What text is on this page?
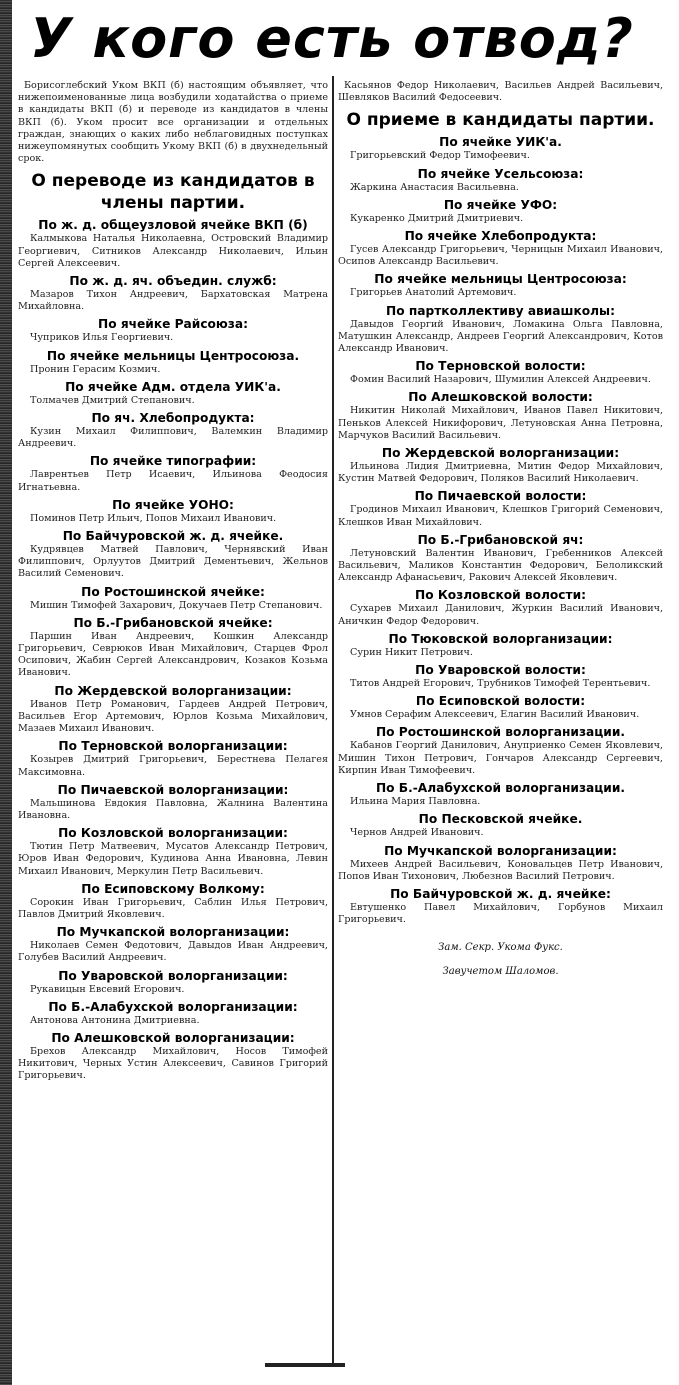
У кого есть отвод?

Борисоглебский Уком ВКП (б) настоящим объявляет, что нижепоименованные лица возбудили ходатайства о приеме в кандидаты ВКП (б) и переводе из кандидатов в члены ВКП (б). Уком просит все организации и отдельных граждан, знающих о каких либо неблаговидных поступках нижеупомянутых сообщить Укому ВКП (б) в двухнедельный срок.

О переводе из кандидатов в члены партии.
По ж. д. общеузловой ячейке ВКП (б)

Калмыкова Наталья Николаевна, Острoвский Владимир Георгиевич, Ситников Александр Николаевич, Ильин Сергей Алексеевич.

По ж. д. яч. объедин. служб:

Мазаров Тихон Андреевич, Бархатовская Матрена Михайловна.

По ячейке Райсоюза:

Чуприков Илья Георгиевич.

По ячейке мельницы Центросоюза.

Пронин Герасим Козмич.

По ячейке Адм. отдела УИК'а.

Толмачев Дмитрий Степанович.

По яч. Хлебопродукта:

Кузин Михаил Филиппович, Валемкин Владимир Андреевич.

По ячейке типографии:

Лаврентьев Петр Исаевич, Ильинова Феодосия Игнатьевна.

По ячейке УОНО:

Поминов Петр Ильич, Попов Михаил Иванович.

По Байчуровской ж. д. ячейке.

Кудрявцев Матвей Павлович, Чернявский Иван Филиппович, Орлуутов Дмитрий Дементьевич, Жельнов Василий Семенович.

По Ростошинской ячейке:

Мишин Тимофей Захарович, Докучаев Петр Степанович.

По Б.-Грибановской ячейке:

Паршин Иван Андреевич, Кошкин Александр Григорьевич, Севрюков Иван Михайлович, Старцев Фрол Осипович, Жабин Сергей Александрович, Козаков Козьма Иванович.

По Жердевской волорганизации:

Иванов Петр Романович, Гардеев Андрей Петрович, Васильев Егор Артемович, Юрлов Козьма Михайлович, Мазаев Михаил Иванович.

По Терновской волорганизации:

Козырев Дмитрий Григорьевич, Берестнева Пелагея Максимовна.

По Пичаевской волорганизации:

Мальшинова Евдокия Павловна, Жалнина Валентина Ивановна.

По Козловской волорганизации:

Тютин Петр Матвеевич, Мусатов Александр Петрович, Юров Иван Федорович, Кудинова Анна Ивановна, Левин Михаил Иванович, Меркулин Петр Васильевич.

По Есиповскому Волкому:

Сорокин Иван Григорьевич, Саблин Илья Петрович, Павлов Дмитрий Яковлевич.

По Мучкапской волорганизации:

Николаев Семен Федотович, Давыдов Иван Андреевич, Голубев Василий Андреевич.

По Уваровской волорганизации:

Рукавицын Евсевий Егорович.

По Б.-Алабухской волорганизации:

Антонова Антонина Дмитриевна.

По Алешковской волорганизации:

Брехов Александр Михайлович, Носов Тимофей Никитович, Черных Устин Алексеевич, Савинов Григорий Григорьевич.

Касьянов Федор Николаевич, Васильев Андрей Васильевич, Шевляков Василий Федосеевич.

О приеме в кандидаты партии.
По ячейке УИК'а.

Григорьевский Федор Тимофеевич.

По ячейке Усельсоюза:

Жаркина Анастасия Васильевна.

По ячейке УФО:

Кукаренко Дмитрий Дмитриевич.

По ячейке Хлебопродукта:

Гусев Александр Григорьевич, Черницын Михаил Иванович, Осипов Александр Васильевич.

По ячейке мельницы Центросоюза:

Григорьев Анатолий Артемович.

По партколлективу авиашколы:

Давыдов Георгий Иванович, Ломакина Ольга Павловна, Матушкин Александр, Андреев Георгий Александрович, Котов Александр Иванович.

По Терновской волости:

Фомин Василий Назарович, Шумилин Алексей Андреевич.

По Алешковской волости:

Никитин Николай Михайлович, Иванов Павел Никитович, Пеньков Алексей Никифорович, Летуновская Анна Петровна, Марчуков Василий Васильевич.

По Жердевской волорганизации:

Ильинова Лидия Дмитриевна, Митин Федор Михайлович, Кустин Матвей Федорович, Поляков Василий Николаевич.

По Пичаевской волости:

Гродинов Михаил Иванович, Клешков Григорий Семенович, Клешков Иван Михайлович.

По Б.-Грибановской яч:

Летуновский Валентин Иванович, Гребенников Алексей Васильевич, Маликов Константин Федорович, Белоликский Александр Афанасьевич, Ракович Алексей Яковлевич.

По Козловской волости:

Сухарев Михаил Данилович, Журкин Василий Иванович, Аничкин Федор Федорович.

По Тюковской волорганизации:

Сурин Никит Петрович.

По Уваровской волости:

Титов Андрей Егорович, Трубников Тимофей Терентьевич.

По Есиповской волости:

Умнов Серафим Алексеевич, Елагин Василий Иванович.

По Ростошинской волорганизации.

Кабанов Георгий Данилович, Ануприенко Семен Яковлевич, Мишин Тихон Петрович, Гончаров Александр Сергеевич, Кирпин Иван Тимофеевич.

По Б.-Алабухской волорганизации.

Ильина Мария Павловна.

По Песковской ячейке.

Чернов Андрей Иванович.

По Мучкапской волорганизации:

Михеев Андрей Васильевич, Коновальцев Петр Иванович, Попов Иван Тихонович, Любезнов Василий Петрович.

По Байчуровской ж. д. ячейке:

Евтушенко Павел Михайлович, Горбунов Михаил Григорьевич.

Зам. Секр. Укома Фукс.
Завучетом Шаломов.
